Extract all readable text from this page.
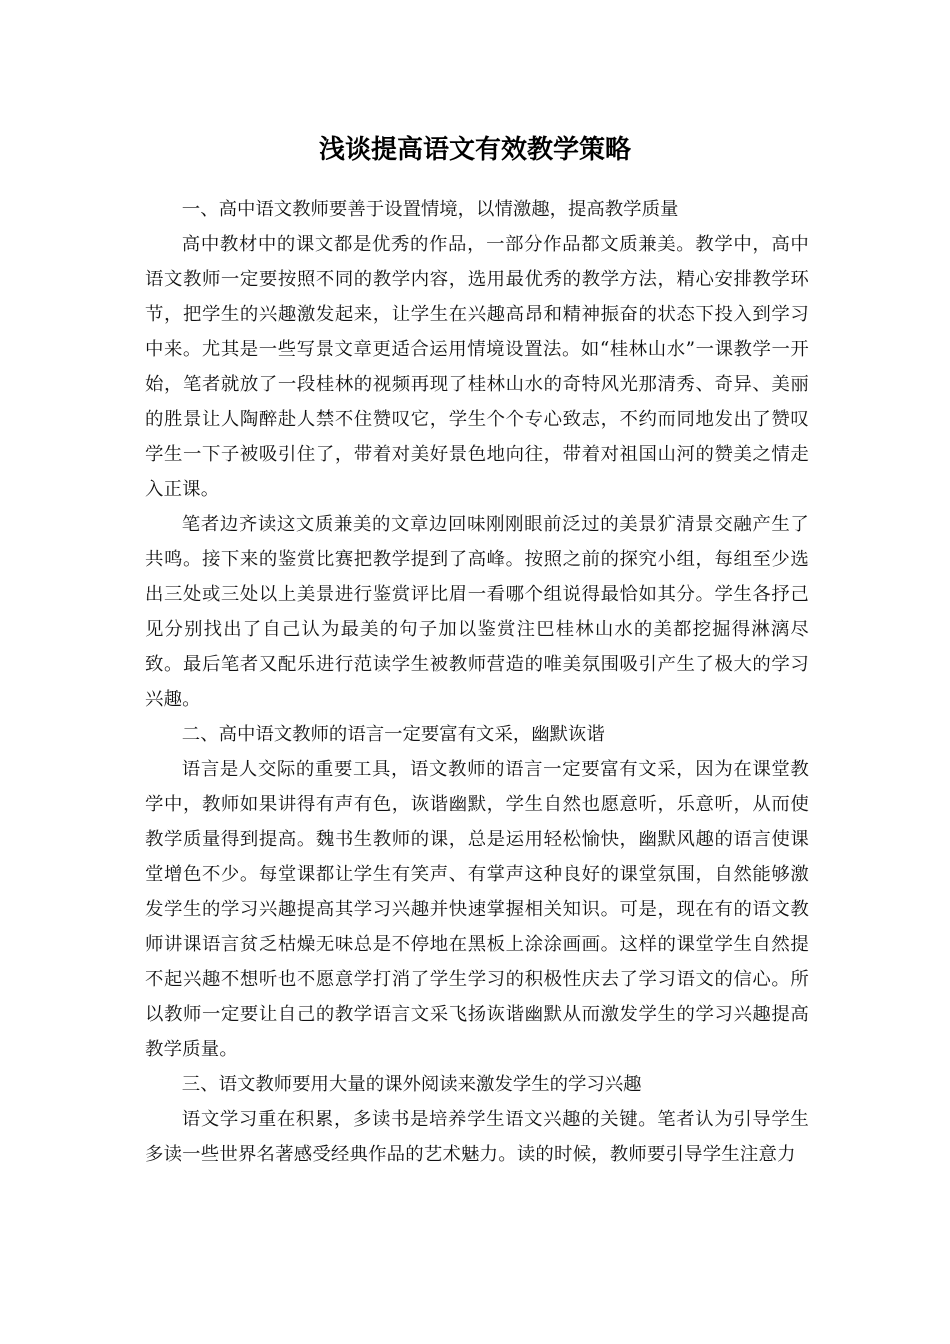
浅谈提高语文有效教学策略

一、高中语文教师要善于设置情境，以情激趣，提高教学质量

高中教材中的课文都是优秀的作品，一部分作品都文质兼美。教学中，高中语文教师一定要按照不同的教学内容，选用最优秀的教学方法，精心安排教学环节，把学生的兴趣激发起来，让学生在兴趣高昂和精神振奋的状态下投入到学习中来。尤其是一些写景文章更适合运用情境设置法。如“桂林山水”一课教学一开始，笔者就放了一段桂林的视频再现了桂林山水的奇特风光那清秀、奇异、美丽的胜景让人陶醉赴人禁不住赞叹它，学生个个专心致志，不约而同地发出了赞叹学生一下子被吸引住了，带着对美好景色地向往，带着对祖国山河的赞美之情走入正课。

笔者边齐读这文质兼美的文章边回味刚刚眼前泛过的美景犷清景交融产生了共鸣。接下来的鉴赏比赛把教学提到了高峰。按照之前的探究小组，每组至少选出三处或三处以上美景进行鉴赏评比眉一看哪个组说得最恰如其分。学生各抒己见分别找出了自己认为最美的句子加以鉴赏注巴桂林山水的美都挖掘得淋漓尽致。最后笔者又配乐进行范读学生被教师营造的唯美氛围吸引产生了极大的学习兴趣。

二、高中语文教师的语言一定要富有文采，幽默诙谐

语言是人交际的重要工具，语文教师的语言一定要富有文采，因为在课堂教学中，教师如果讲得有声有色，诙谐幽默，学生自然也愿意听，乐意听，从而使教学质量得到提高。魏书生教师的课，总是运用轻松愉快，幽默风趣的语言使课堂增色不少。每堂课都让学生有笑声、有掌声这种良好的课堂氛围，自然能够激发学生的学习兴趣提高其学习兴趣并快速掌握相关知识。可是，现在有的语文教师讲课语言贫乏枯燥无味总是不停地在黑板上涂涂画画。这样的课堂学生自然提不起兴趣不想听也不愿意学打消了学生学习的积极性庆去了学习语文的信心。所以教师一定要让自己的教学语言文采飞扬诙谐幽默从而激发学生的学习兴趣提高教学质量。

三、语文教师要用大量的课外阅读来激发学生的学习兴趣

语文学习重在积累，多读书是培养学生语文兴趣的关键。笔者认为引导学生多读一些世界名著感受经典作品的艺术魅力。读的时候，教师要引导学生注意力
